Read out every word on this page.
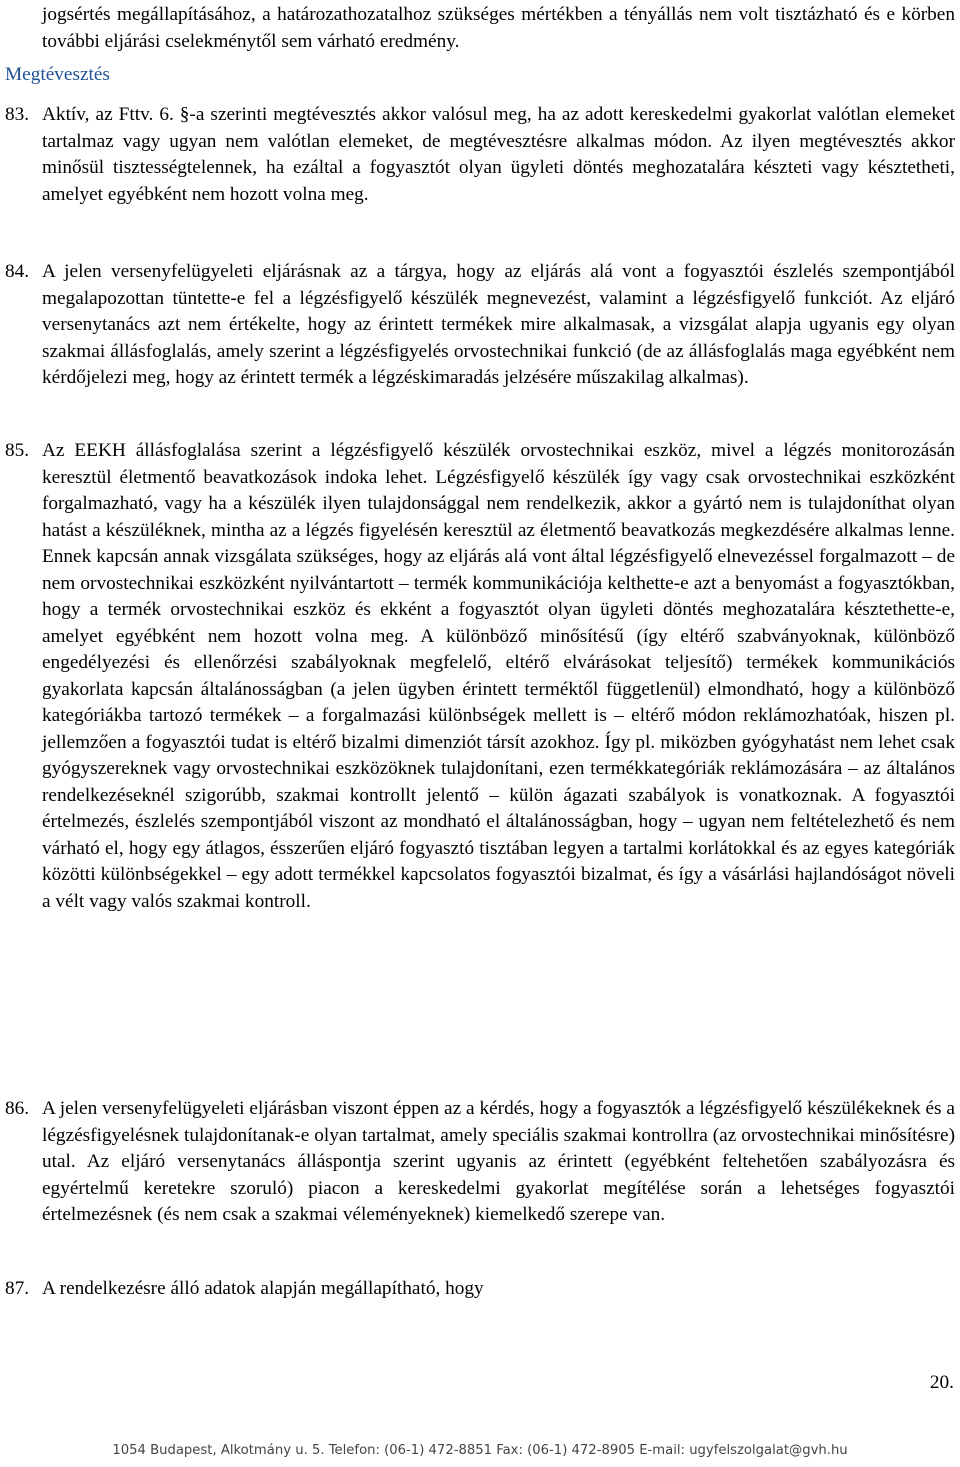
jogsértés megállapításához, a határozathozatalhoz szükséges mértékben a tényállás nem volt tisztázható és e körben további eljárási cselekménytől sem várható eredmény.

Megtévesztés

83. Aktív, az Fttv. 6. §-a szerinti megtévesztés akkor valósul meg, ha az adott kereskedelmi gyakorlat valótlan elemeket tartalmaz vagy ugyan nem valótlan elemeket, de megtévesztésre alkalmas módon. Az ilyen megtévesztés akkor minősül tisztességtelennek, ha ezáltal a fogyasztót olyan ügyleti döntés meghozatalára készteti vagy késztetheti, amelyet egyébként nem hozott volna meg.
84. A jelen versenyfelügyeleti eljárásnak az a tárgya, hogy az eljárás alá vont a fogyasztói észlelés szempontjából megalapozottan tüntette-e fel a légzésfigyelő készülék megnevezést, valamint a légzésfigyelő funkciót. Az eljáró versenytanács azt nem értékelte, hogy az érintett termékek mire alkalmasak, a vizsgálat alapja ugyanis egy olyan szakmai állásfoglalás, amely szerint a légzésfigyelés orvostechnikai funkció (de az állásfoglalás maga egyébként nem kérdőjelezi meg, hogy az érintett termék a légzéskimaradás jelzésére műszakilag alkalmas).
85. Az EEKH állásfoglalása szerint a légzésfigyelő készülék orvostechnikai eszköz, mivel a légzés monitorozásán keresztül életmentő beavatkozások indoka lehet. Légzésfigyelő készülék így vagy csak orvostechnikai eszközként forgalmazható, vagy ha a készülék ilyen tulajdonsággal nem rendelkezik, akkor a gyártó nem is tulajdoníthat olyan hatást a készüléknek, mintha az a légzés figyelésén keresztül az életmentő beavatkozás megkezdésére alkalmas lenne. Ennek kapcsán annak vizsgálata szükséges, hogy az eljárás alá vont által légzésfigyelő elnevezéssel forgalmazott – de nem orvostechnikai eszközként nyilvántartott – termék kommunikációja kelthette-e azt a benyomást a fogyasztókban, hogy a termék orvostechnikai eszköz és ekként a fogyasztót olyan ügyleti döntés meghozatalára késztethette-e, amelyet egyébként nem hozott volna meg. A különböző minősítésű (így eltérő szabványoknak, különböző engedélyezési és ellenőrzési szabályoknak megfelelő, eltérő elvárásokat teljesítő) termékek kommunikációs gyakorlata kapcsán általánosságban (a jelen ügyben érintett terméktől függetlenül) elmondható, hogy a különböző kategóriákba tartozó termékek – a forgalmazási különbségek mellett is – eltérő módon reklámozhatóak, hiszen pl. jellemzően a fogyasztói tudat is eltérő bizalmi dimenziót társít azokhoz. Így pl. miközben gyógyhatást nem lehet csak gyógyszereknek vagy orvostechnikai eszközöknek tulajdonítani, ezen termékkategóriák reklámozására – az általános rendelkezéseknél szigorúbb, szakmai kontrollt jelentő – külön ágazati szabályok is vonatkoznak. A fogyasztói értelmezés, észlelés szempontjából viszont az mondható el általánosságban, hogy – ugyan nem feltételezhető és nem várható el, hogy egy átlagos, ésszerűen eljáró fogyasztó tisztában legyen a tartalmi korlátokkal és az egyes kategóriák közötti különbségekkel – egy adott termékkel kapcsolatos fogyasztói bizalmat, és így a vásárlási hajlandóságot növeli a vélt vagy valós szakmai kontroll.
86. A jelen versenyfelügyeleti eljárásban viszont éppen az a kérdés, hogy a fogyasztók a légzésfigyelő készülékeknek és a légzésfigyelésnek tulajdonítanak-e olyan tartalmat, amely speciális szakmai kontrollra (az orvostechnikai minősítésre) utal. Az eljáró versenytanács álláspontja szerint ugyanis az érintett (egyébként feltehetően szabályozásra és egyértelmű keretekre szoruló) piacon a kereskedelmi gyakorlat megítélése során a lehetséges fogyasztói értelmezésnek (és nem csak a szakmai véleményeknek) kiemelkedő szerepe van.
87. A rendelkezésre álló adatok alapján megállapítható, hogy

20.

1054 Budapest, Alkotmány u. 5. Telefon: (06-1) 472-8851 Fax: (06-1) 472-8905 E-mail: ugyfelszolgalat@gvh.hu
